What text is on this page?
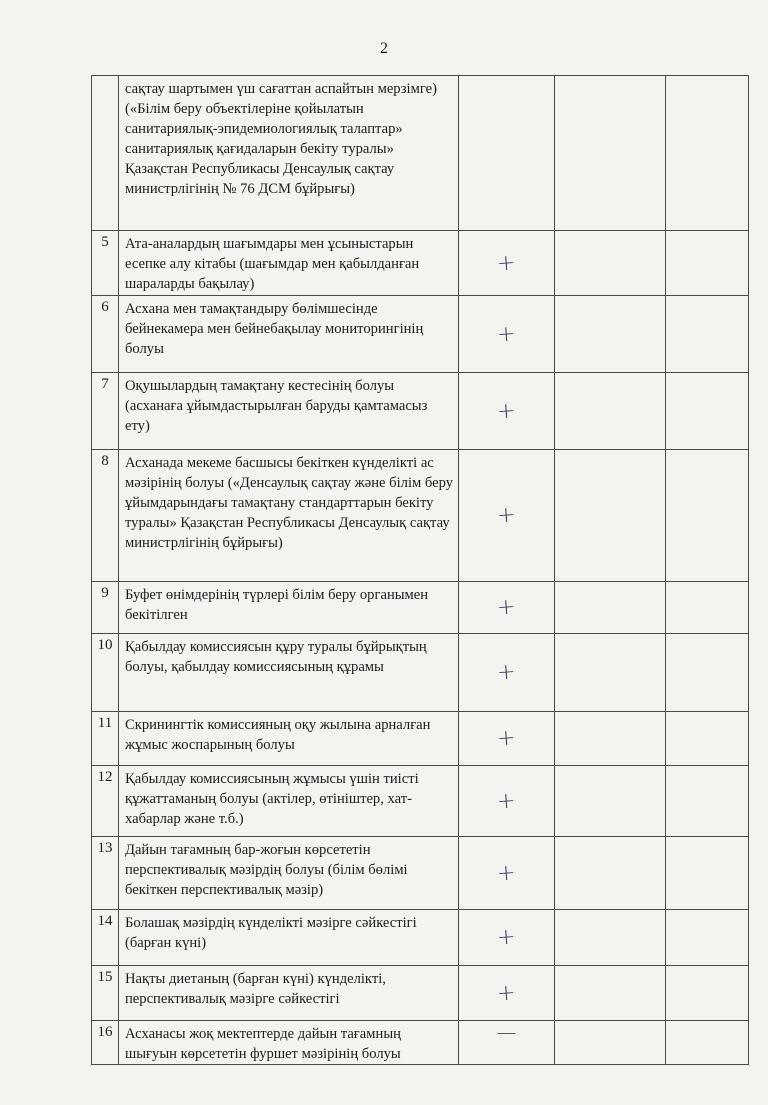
2
	сақтау шартымен үш сағаттан аспайтын мерзімге) («Білім беру объектілеріне қойылатын санитариялық-эпидемиологиялық талаптар» санитариялық қағидаларын бекіту туралы» Қазақстан Республикасы Денсаулық сақтау министрлігінің № 76 ДСМ бұйрығы)			
5	Ата-аналардың шағымдары мен ұсыныстарын есепке алу кітабы (шағымдар мен қабылданған шараларды бақылау)	+		
6	Асхана мен тамақтандыру бөлімшесінде бейнекамера мен бейнебақылау мониторингінің болуы	+		
7	Оқушылардың тамақтану кестесінің болуы (асханаға ұйымдастырылған баруды қамтамасыз ету)	+		
8	Асханада мекеме басшысы бекіткен күнделікті ас мәзірінің болуы («Денсаулық сақтау және білім беру ұйымдарындағы тамақтану стандарттарын бекіту туралы» Қазақстан Республикасы Денсаулық сақтау министрлігінің бұйрығы)	+		
9	Буфет өнімдерінің түрлері білім беру органымен бекітілген	+		
10	Қабылдау комиссиясын құру туралы бұйрықтың болуы, қабылдау комиссиясының құрамы	+		
11	Скринингтік комиссияның оқу жылына арналған жұмыс жоспарының болуы	+		
12	Қабылдау комиссиясының жұмысы үшін тиісті құжаттаманың болуы (актілер, өтініштер, хат-хабарлар және т.б.)	+		
13	Дайын тағамның бар-жоғын көрсететін перспективалық мәзірдің болуы (білім бөлімі бекіткен перспективалық мәзір)	+		
14	Болашақ мәзірдің күнделікті мәзірге сәйкестігі (барған күні)	+		
15	Нақты диетаның (барған күні) күнделікті, перспективалық мәзірге сәйкестігі	+		
16	Асханасы жоқ мектептерде дайын тағамның шығуын көрсететін фуршет мәзірінің болуы	—		
